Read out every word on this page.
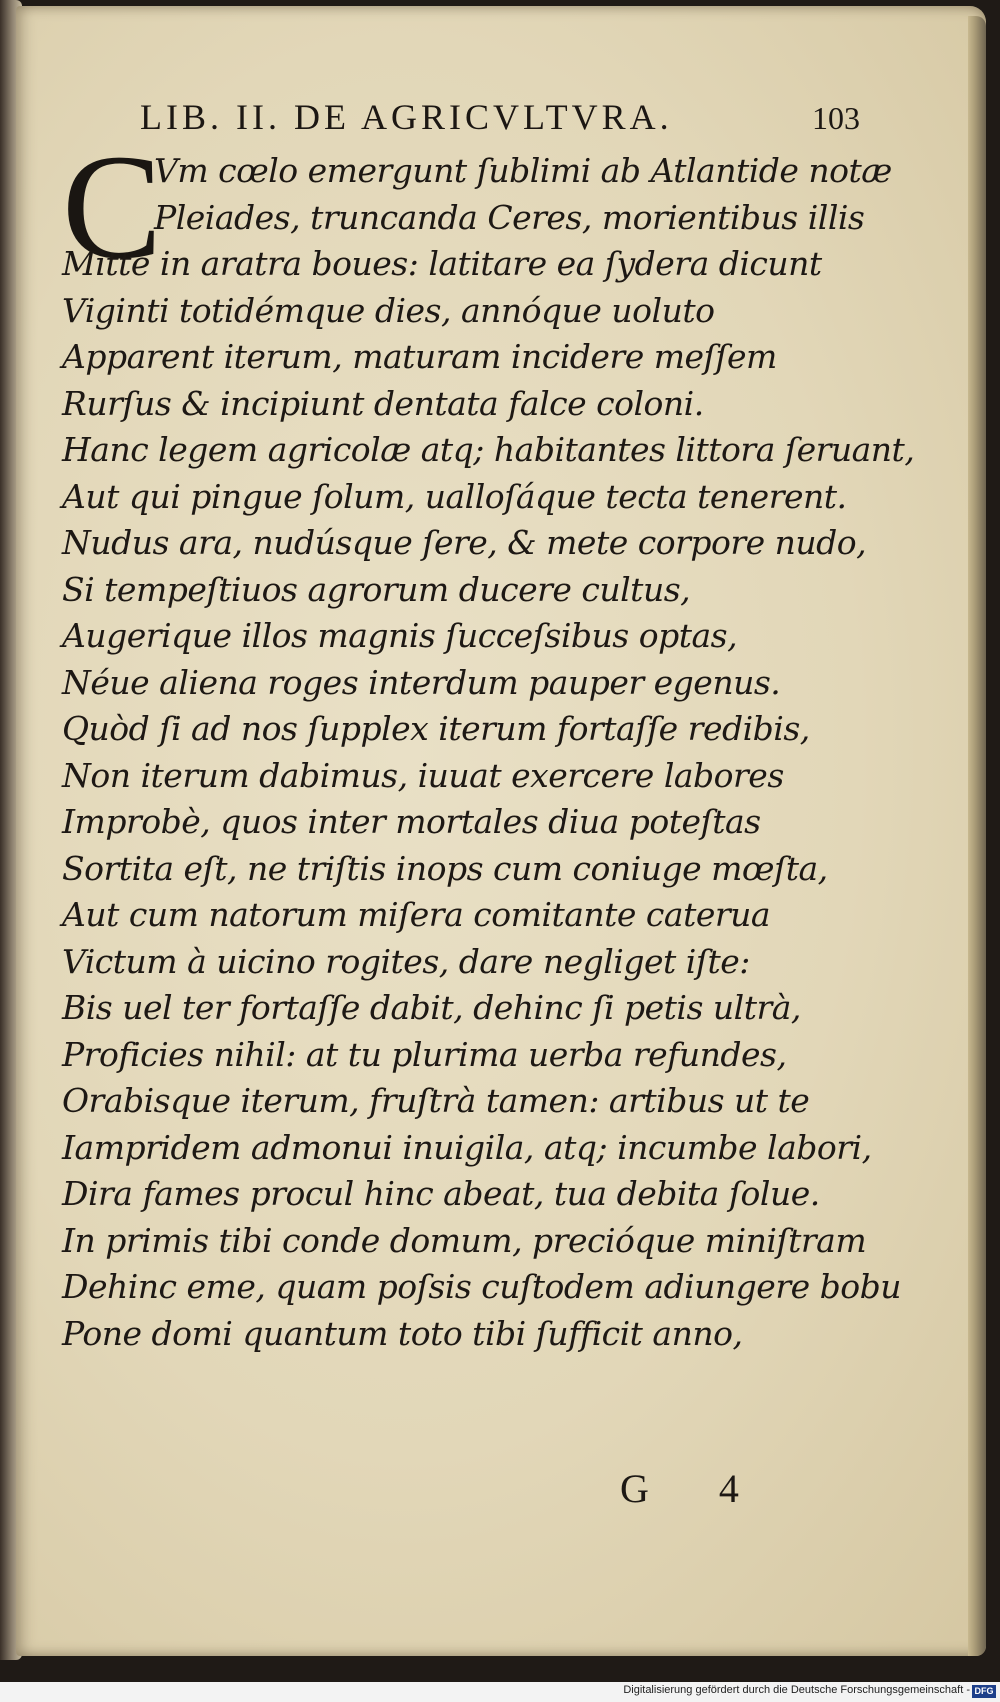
LIB. II. DE AGRICVLTVRA.	103
C
Vm cœlo emergunt ſublimi ab Atlantide notæ
Pleiades, truncanda Ceres, morientibus illis
Mitte in aratra boues: latitare ea ſydera dicunt
Viginti totidémque dies, annóque uoluto
Apparent iterum, maturam incidere meſſem
Rurſus & incipiunt dentata falce coloni.
Hanc legem agricolæ atq; habitantes littora ſeruant,
Aut qui pingue ſolum, ualloſáque tecta tenerent.
Nudus ara, nudúsque ſere, & mete corpore nudo,
Si tempeſtiuos agrorum ducere cultus,
Augerique illos magnis ſucceſsibus optas,
Néue aliena roges interdum pauper egenus.
Quòd ſi ad nos ſupplex iterum fortaſſe redibis,
Non iterum dabimus, iuuat exercere labores
Improbè, quos inter mortales diua poteſtas
Sortita eſt, ne triſtis inops cum coniuge mœſta,
Aut cum natorum miſera comitante caterua
Victum à uicino rogites, dare negliget iſte:
Bis uel ter fortaſſe dabit, dehinc ſi petis ultrà,
Proficies nihil: at tu plurima uerba refundes,
Orabisque iterum, fruſtrà tamen: artibus ut te
Iampridem admonui inuigila, atq; incumbe labori,
Dira fames procul hinc abeat, tua debita ſolue.
In primis tibi conde domum, precióque miniſtram
Dehinc eme, quam poſsis cuſtodem adiungere bobu
Pone domi quantum toto tibi ſufficit anno,
G 4
Digitalisierung gefördert durch die Deutsche Forschungsgemeinschaft - DFG
